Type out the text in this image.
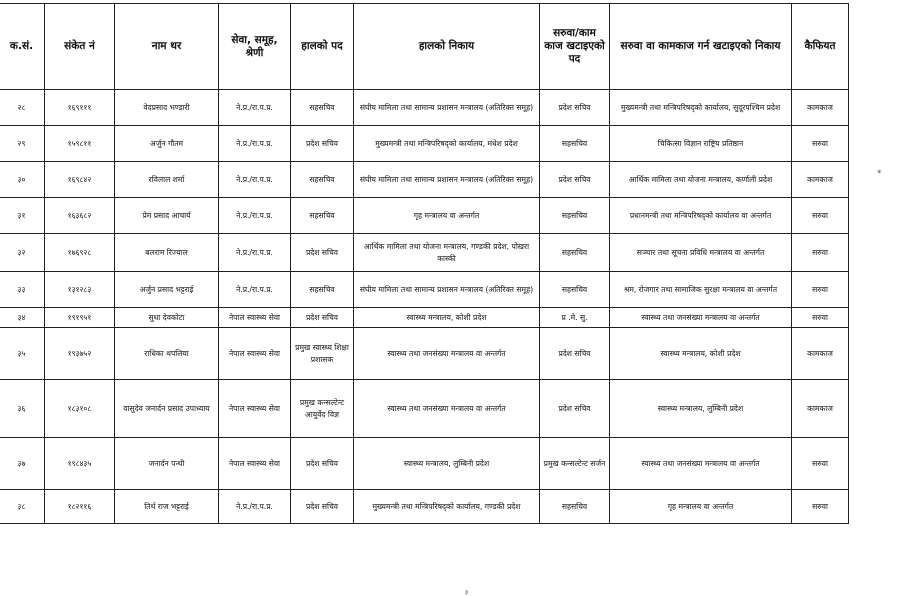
क.सं.	संकेत नं	नाम थर	सेवा, समूह, श्रेणी	हालको पद	हालको निकाय	सरुवा/काम काज खटाइएको पद	सरुवा वा कामकाज गर्न खटाइएको निकाय	कैफियत
२८	१६९१११	वेदप्रसाद भण्डारी	ने.प्र./रा.प.प्र.	सहसचिव	संघीय मामिला तथा सामान्य प्रशासन मन्त्रालय (अतिरिक्त समूह)	प्रदेश सचिव	मुख्यमन्त्री तथा मन्त्रिपरिषद्को कार्यालय, सुदूरपश्चिम प्रदेश	कामकाज
२९	१५९८११	अर्जुन गौतम	ने.प्र./रा.प.प्र.	प्रदेश सचिव	मुख्यमन्त्री तथा मन्त्रिपरिषद्को कार्यालय, मधेश प्रदेश	सहसचिव	चिकित्सा विज्ञान राष्ट्रिय प्रतिष्ठान	सरुवा
३०	१६९८४२	रविलाल शर्मा	ने.प्र./रा.प.प्र.	सहसचिव	संघीय मामिला तथा सामान्य प्रशासन मन्त्रालय (अतिरिक्त समूह)	प्रदेश सचिव	आर्थिक मामिला तथा योजना मन्त्रालय, कर्णाली प्रदेश	कामकाज
३१	१६३६८२	प्रेम प्रसाद आचार्य	ने.प्र./रा.प.प्र.	सहसचिव	गृह मन्त्रालय वा अन्तर्गत	सहसचिव	प्रधानमन्त्री तथा मन्त्रिपरिषद्को कार्यालय वा अन्तर्गत	सरुवा
३२	१७६९२८	बलराम रिज्याल	ने.प्र./रा.प.प्र.	प्रदेश सचिव	आर्थिक मामिला तथा योजना मन्त्रालय, गण्डकी प्रदेश, पोखरा कास्की	सहसचिव	सञ्चार तथा सूचना प्रविधि मन्त्रालय वा अन्तर्गत	सरुवा
३३	१३१२८३	अर्जुन प्रसाद भट्टराई	ने.प्र./रा.प.प्र.	सहसचिव	संघीय मामिला तथा सामान्य प्रशासन मन्त्रालय (अतिरिक्त समूह)	सहसचिव	श्रम, रोजगार तथा सामाजिक सुरक्षा मन्त्रालय वा अन्तर्गत	सरुवा
३४	१९१९५१	सुधा देवकोटा	नेपाल स्वास्थ्य सेवा	प्रदेश सचिव	स्वास्थ्य मन्त्रालय, कोशी प्रदेश	प्र .मे. सु.	स्वास्थ्य तथा जनसंख्या मन्त्रालय वा अन्तर्गत	सरुवा
३५	१९३७५२	राधिका थपलिया	नेपाल स्वास्थ्य सेवा	प्रमुख स्वास्थ्य शिक्षा प्रशासक	स्वास्थ्य तथा जनसंख्या मन्त्रालय वा अन्तर्गत	प्रदेश सचिव	स्वास्थ्य मन्त्रालय, कोशी प्रदेश	कामकाज
३६	१८३१०८	वासुदेव जनार्दन प्रसाद उपाध्याय	नेपाल स्वास्थ्य सेवा	प्रमुख कन्सल्टेन्ट आयुर्वेद विज्ञ	स्वास्थ्य तथा जनसंख्या मन्त्रालय वा अन्तर्गत	प्रदेश सचिव	स्वास्थ्य मन्त्रालय, लुम्बिनी प्रदेश	कामकाज
३७	१९८४३५	जनार्दन पन्थी	नेपाल स्वास्थ्य सेवा	प्रदेश सचिव	स्वास्थ्य मन्त्रालय, लुम्बिनी प्रदेश	प्रमुख कन्सल्टेन्ट सर्जन	स्वास्थ्य तथा जनसंख्या मन्त्रालय वा अन्तर्गत	सरुवा
३८	१८२११६	तिर्थ राज भट्टराई	ने.प्र./रा.प.प्र.	प्रदेश सचिव	मुख्यमन्त्री तथा मन्त्रिपरिषद्को कार्यालय, गण्डकी प्रदेश	सहसचिव	गृह मन्त्रालय वा अन्तर्गत	सरुवा
*
३
